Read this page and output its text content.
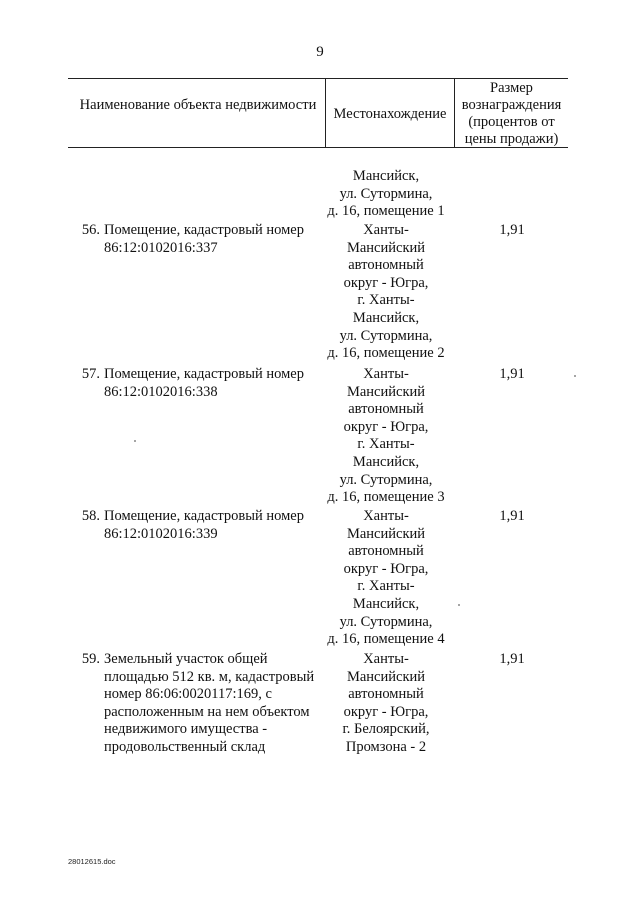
9
Наименование объекта недвижимости
Местонахождение
Размер вознаграждения (процентов от цены продажи)
Мансийск,
ул. Сутормина,
д. 16, помещение 1
56. Помещение, кадастровый номер 86:12:0102016:337
Ханты-
Мансийский
автономный
округ - Югра,
г. Ханты-
Мансийск,
ул. Сутормина,
д. 16, помещение 2
1,91
57. Помещение, кадастровый номер 86:12:0102016:338
Ханты-
Мансийский
автономный
округ - Югра,
г. Ханты-
Мансийск,
ул. Сутормина,
д. 16, помещение 3
1,91
58. Помещение, кадастровый номер 86:12:0102016:339
Ханты-
Мансийский
автономный
округ - Югра,
г. Ханты-
Мансийск,
ул. Сутормина,
д. 16, помещение 4
1,91
59. Земельный участок общей площадью 512 кв. м, кадастровый номер 86:06:0020117:169, с расположенным на нем объектом недвижимого имущества - продовольственный склад
Ханты-
Мансийский
автономный
округ - Югра,
г. Белоярский,
Промзона - 2
1,91
28012615.doc
